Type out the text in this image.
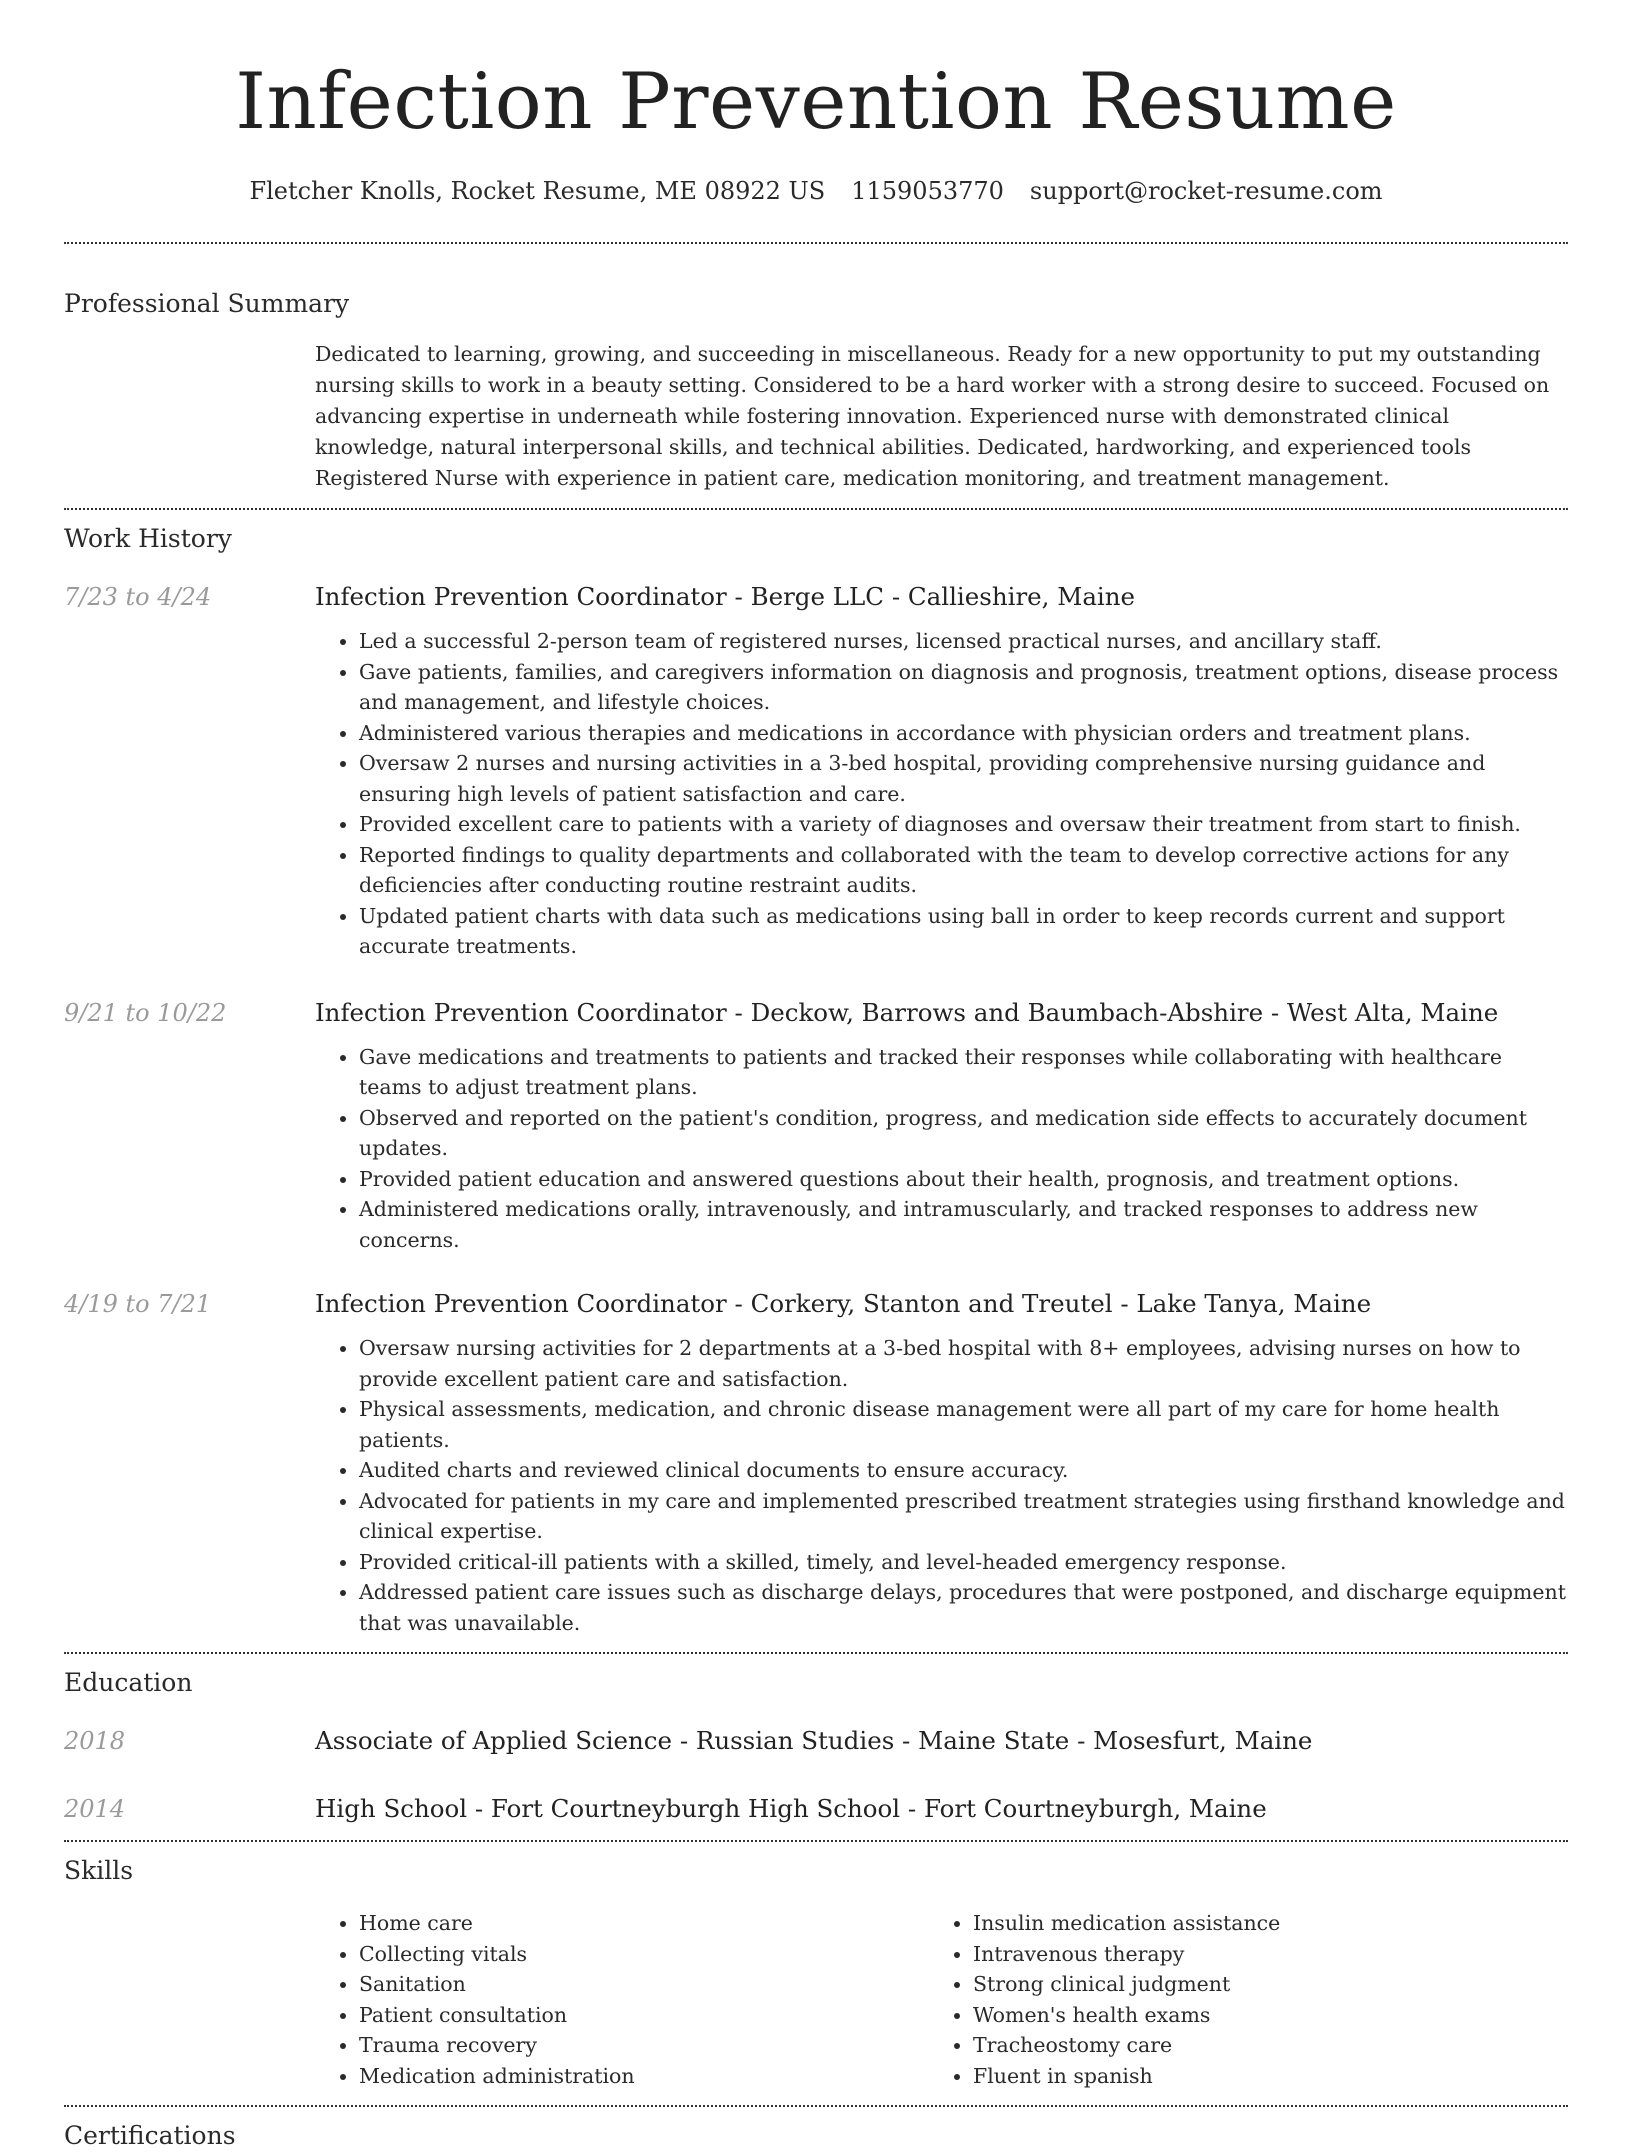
Infection Prevention Resume
Fletcher Knolls, Rocket Resume, ME 08922 US 1159053770 support@rocket-resume.com
Professional Summary

Dedicated to learning, growing, and succeeding in miscellaneous. Ready for a new opportunity to put my outstanding nursing skills to work in a beauty setting. Considered to be a hard worker with a strong desire to succeed. Focused on advancing expertise in underneath while fostering innovation. Experienced nurse with demonstrated clinical knowledge, natural interpersonal skills, and technical abilities. Dedicated, hardworking, and experienced tools Registered Nurse with experience in patient care, medication monitoring, and treatment management.

Work History
7/23 to 4/24	Infection Prevention Coordinator - Berge LLC - Callieshire, Maine
• Led a successful 2-person team of registered nurses, licensed practical nurses, and ancillary staff.
• Gave patients, families, and caregivers information on diagnosis and prognosis, treatment options, disease process and management, and lifestyle choices.
• Administered various therapies and medications in accordance with physician orders and treatment plans.
• Oversaw 2 nurses and nursing activities in a 3-bed hospital, providing comprehensive nursing guidance and ensuring high levels of patient satisfaction and care.
• Provided excellent care to patients with a variety of diagnoses and oversaw their treatment from start to finish.
• Reported findings to quality departments and collaborated with the team to develop corrective actions for any deficiencies after conducting routine restraint audits.
• Updated patient charts with data such as medications using ball in order to keep records current and support accurate treatments.
9/21 to 10/22	Infection Prevention Coordinator - Deckow, Barrows and Baumbach-Abshire - West Alta, Maine
• Gave medications and treatments to patients and tracked their responses while collaborating with healthcare teams to adjust treatment plans.
• Observed and reported on the patient's condition, progress, and medication side effects to accurately document updates.
• Provided patient education and answered questions about their health, prognosis, and treatment options.
• Administered medications orally, intravenously, and intramuscularly, and tracked responses to address new concerns.
4/19 to 7/21	Infection Prevention Coordinator - Corkery, Stanton and Treutel - Lake Tanya, Maine
• Oversaw nursing activities for 2 departments at a 3-bed hospital with 8+ employees, advising nurses on how to provide excellent patient care and satisfaction.
• Physical assessments, medication, and chronic disease management were all part of my care for home health patients.
• Audited charts and reviewed clinical documents to ensure accuracy.
• Advocated for patients in my care and implemented prescribed treatment strategies using firsthand knowledge and clinical expertise.
• Provided critical-ill patients with a skilled, timely, and level-headed emergency response.
• Addressed patient care issues such as discharge delays, procedures that were postponed, and discharge equipment that was unavailable.
Education
2018	Associate of Applied Science - Russian Studies - Maine State - Mosesfurt, Maine
2014	High School - Fort Courtneyburgh High School - Fort Courtneyburgh, Maine
Skills
• Home care
• Collecting vitals
• Sanitation
• Patient consultation
• Trauma recovery
• Medication administration
• Insulin medication assistance
• Intravenous therapy
• Strong clinical judgment
• Women's health exams
• Tracheostomy care
• Fluent in spanish
Certifications
